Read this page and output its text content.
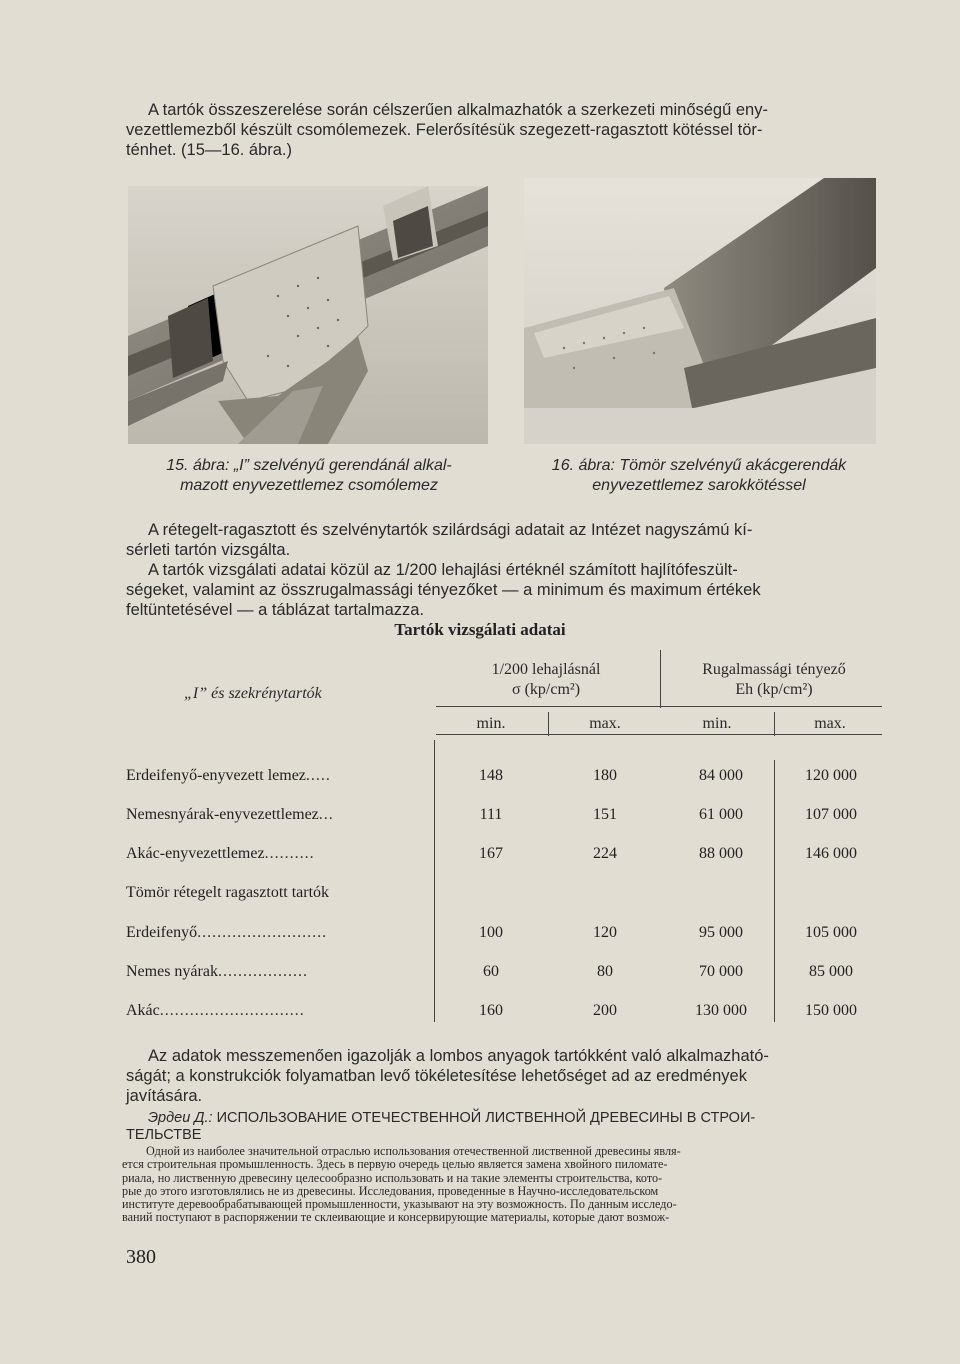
A tartók összeszerelése során célszerűen alkalmazhatók a szerkezeti minőségű eny-
vezettlemezből készült csomólemezek. Felerősítésük szegezett-ragasztott kötéssel tör-
ténhet. (15—16. ábra.)
15. ábra: „I” szelvényű gerendánál alkal-
mazott enyvezettlemez csomólemez
16. ábra: Tömör szelvényű akácgerendák
enyvezettlemez sarokkötéssel
A rétegelt-ragasztott és szelvénytartók szilárdsági adatait az Intézet nagyszámú kí-
sérleti tartón vizsgálta.
A tartók vizsgálati adatai közül az 1/200 lehajlási értéknél számított hajlítófeszült-
ségeket, valamint az összrugalmassági tényezőket — a minimum és maximum értékek
feltüntetésével — a táblázat tartalmazza.
Tartók vizsgálati adatai
„I” és szekrénytartók
1/200 lehajlásnál
σ (kp/cm²)
Rugalmassági tényező
Eh (kp/cm²)
min.	max.	min.	max.
Erdeifenyő-enyvezett lemez.....	148	180	84 000	120 000
Nemesnyárak-enyvezettlemez...	111	151	61 000	107 000
Akác-enyvezettlemez..........	167	224	88 000	146 000
Tömör rétegelt ragasztott tartók
Erdeifenyő..........................	100	120	95 000	105 000
Nemes nyárak..................	60	80	70 000	85 000
Akác.............................	160	200	130 000	150 000
Az adatok messzemenően igazolják a lombos anyagok tartókként való alkalmazható-
ságát; a konstrukciók folyamatban levő tökéletesítése lehetőséget ad az eredmények
javítására.
Эрдеи Д.: ИСПОЛЬЗОВАНИЕ ОТЕЧЕСТВЕННОЙ ЛИСТВЕННОЙ ДРЕВЕСИНЫ В СТРОИ-
ТЕЛЬСТВЕ
Одной из наиболее значительной отраслью использования отечественной лиственной древесины явля-
ется строительная промышленность. Здесь в первую очередь целью является замена хвойного пиломате-
риала, но лиственную древесину целесообразно использовать и на такие элементы строительства, кото-
рые до этого изготовлялись не из древесины. Исследования, проведенные в Научно-исследовательском
институте деревообрабатывающей промышленности, указывают на эту возможность. По данным исследо-
ваний поступают в распоряжении те склеивающие и консервирующие материалы, которые дают возмож-
380
